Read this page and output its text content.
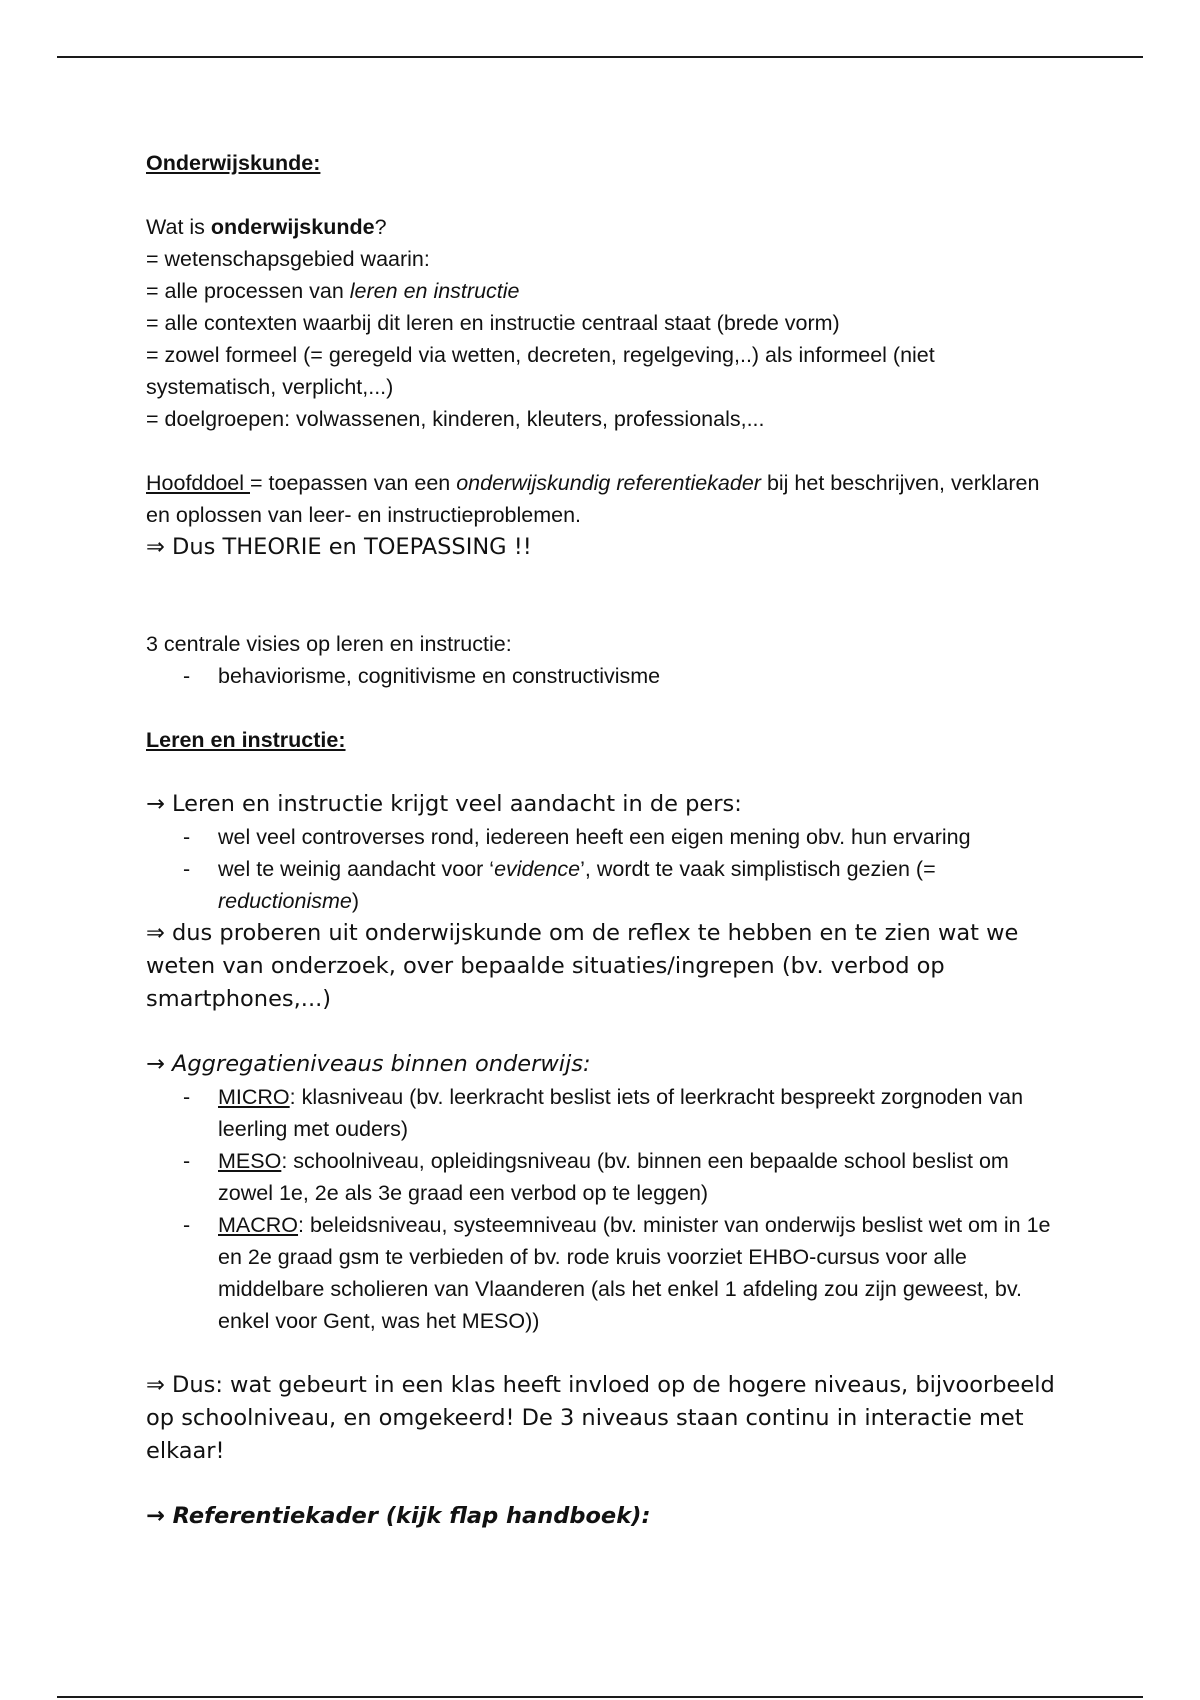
Onderwijskunde:

Wat is onderwijskunde?

= wetenschapsgebied waarin:

= alle processen van leren en instructie

= alle contexten waarbij dit leren en instructie centraal staat (brede vorm)

= zowel formeel (= geregeld via wetten, decreten, regelgeving,..) als informeel (niet systematisch, verplicht,...)

= doelgroepen: volwassenen, kinderen, kleuters, professionals,...

Hoofddoel = toepassen van een onderwijskundig referentiekader bij het beschrijven, verklaren en oplossen van leer- en instructieproblemen.

⇒ Dus THEORIE en TOEPASSING !!

3 centrale visies op leren en instructie:

- behaviorisme, cognitivisme en constructivisme

Leren en instructie:

→ Leren en instructie krijgt veel aandacht in de pers:

- wel veel controverses rond, iedereen heeft een eigen mening obv. hun ervaring
- wel te weinig aandacht voor ‘evidence’, wordt te vaak simplistisch gezien (= reductionisme)

⇒ dus proberen uit onderwijskunde om de reflex te hebben en te zien wat we weten van onderzoek, over bepaalde situaties/ingrepen (bv. verbod op smartphones,...)

→ Aggregatieniveaus binnen onderwijs:

- MICRO: klasniveau (bv. leerkracht beslist iets of leerkracht bespreekt zorgnoden van leerling met ouders)
- MESO: schoolniveau, opleidingsniveau (bv. binnen een bepaalde school beslist om zowel 1e, 2e als 3e graad een verbod op te leggen)
- MACRO: beleidsniveau, systeemniveau (bv. minister van onderwijs beslist wet om in 1e en 2e graad gsm te verbieden of bv. rode kruis voorziet EHBO-cursus voor alle middelbare scholieren van Vlaanderen (als het enkel 1 afdeling zou zijn geweest, bv. enkel voor Gent, was het MESO))

⇒ Dus: wat gebeurt in een klas heeft invloed op de hogere niveaus, bijvoorbeeld op schoolniveau, en omgekeerd! De 3 niveaus staan continu in interactie met elkaar!

→ Referentiekader (kijk flap handboek):
